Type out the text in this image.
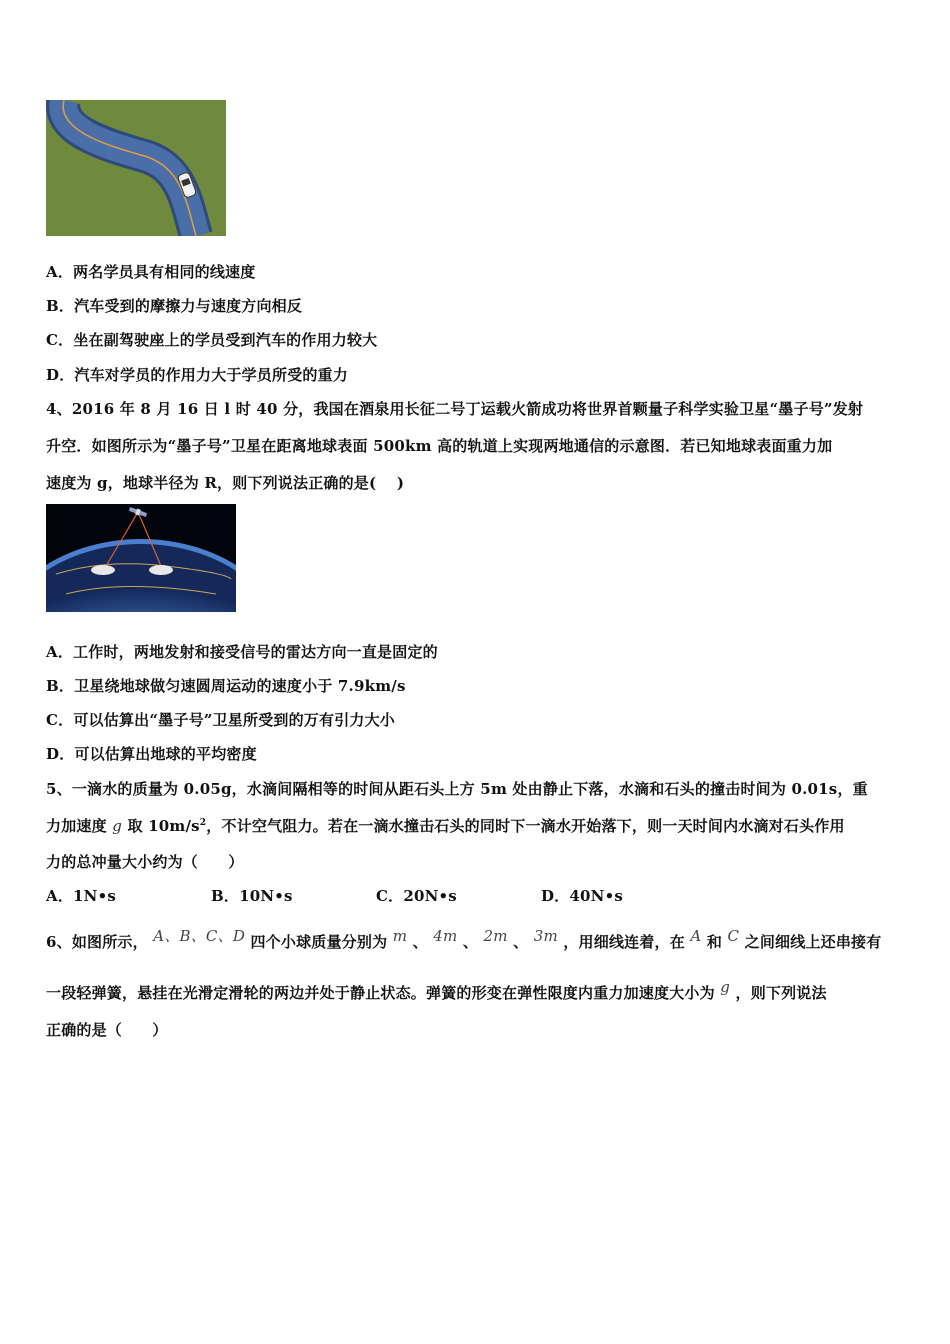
A．两名学员具有相同的线速度
B．汽车受到的摩擦力与速度方向相反
C．坐在副驾驶座上的学员受到汽车的作用力较大
D．汽车对学员的作用力大于学员所受的重力
4、2016 年 8 月 16 日 l 时 40 分，我国在酒泉用长征二号丁运载火箭成功将世界首颗量子科学实验卫星“墨子号”发射
升空．如图所示为“墨子号”卫星在距离地球表面 500km 高的轨道上实现两地通信的示意图．若已知地球表面重力加
速度为 g，地球半径为 R，则下列说法正确的是(　 )
A．工作时，两地发射和接受信号的雷达方向一直是固定的
B．卫星绕地球做匀速圆周运动的速度小于 7.9km/s
C．可以估算出“墨子号”卫星所受到的万有引力大小
D．可以估算出地球的平均密度
5、一滴水的质量为 0.05g，水滴间隔相等的时间从距石头上方 5m 处由静止下落，水滴和石头的撞击时间为 0.01s，重
力加速度 g 取 $10m/s^2$，不计空气阻力。若在一滴水撞击石头的同时下一滴水开始落下，则一天时间内水滴对石头作用
力的总冲量大小约为（　　）
A．1N•s	B．10N•s	C．20N•s	D．40N•s
6、如图所示， A、B、C、D 四个小球质量分别为 m 、 4m 、 2m 、 3m ，用细线连着，在 A 和 C 之间细线上还串接有
一段轻弹簧，悬挂在光滑定滑轮的两边并处于静止状态。弹簧的形变在弹性限度内重力加速度大小为 g ，则下列说法
正确的是（　　）
